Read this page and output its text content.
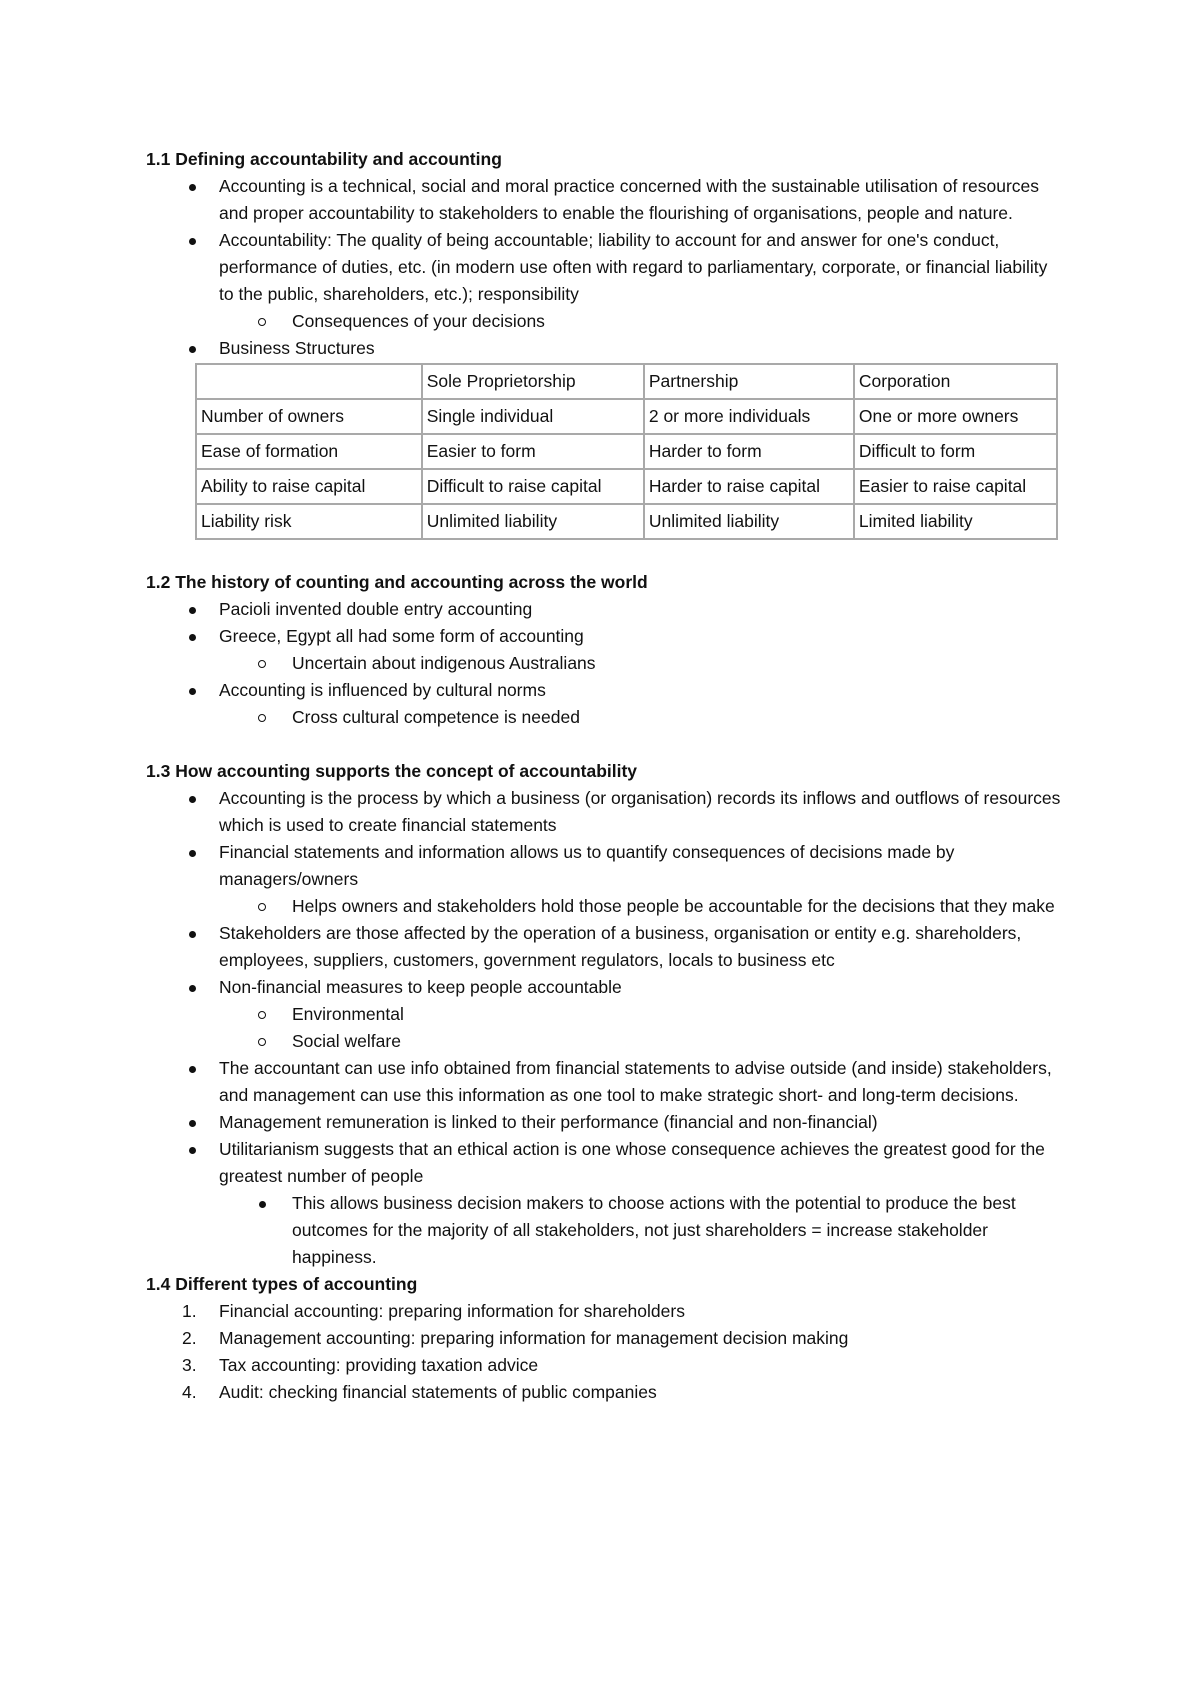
1.1 Defining accountability and accounting
Accounting is a technical, social and moral practice concerned with the sustainable utilisation of resources and proper accountability to stakeholders to enable the flourishing of organisations, people and nature.
Accountability: The quality of being accountable; liability to account for and answer for one's conduct, performance of duties, etc. (in modern use often with regard to parliamentary, corporate, or financial liability to the public, shareholders, etc.); responsibility
Consequences of your decisions
Business Structures
	Sole Proprietorship	Partnership	Corporation
Number of owners	Single individual	2 or more individuals	One or more owners
Ease of formation	Easier to form	Harder to form	Difficult to form
Ability to raise capital	Difficult to raise capital	Harder to raise capital	Easier to raise capital
Liability risk	Unlimited liability	Unlimited liability	Limited liability
1.2 The history of counting and accounting across the world
Pacioli invented double entry accounting
Greece, Egypt all had some form of accounting
Uncertain about indigenous Australians
Accounting is influenced by cultural norms
Cross cultural competence is needed
1.3 How accounting supports the concept of accountability
Accounting is the process by which a business (or organisation) records its inflows and outflows of resources which is used to create financial statements
Financial statements and information allows us to quantify consequences of decisions made by managers/owners
Helps owners and stakeholders hold those people be accountable for the decisions that they make
Stakeholders are those affected by the operation of a business, organisation or entity e.g. shareholders, employees, suppliers, customers, government regulators, locals to business etc
Non-financial measures to keep people accountable
Environmental
Social welfare
The accountant can use info obtained from financial statements to advise outside (and inside) stakeholders, and management can use this information as one tool to make strategic short- and long-term decisions.
Management remuneration is linked to their performance (financial and non-financial)
Utilitarianism suggests that an ethical action is one whose consequence achieves the greatest good for the greatest number of people
This allows business decision makers to choose actions with the potential to produce the best outcomes for the majority of all stakeholders, not just shareholders = increase stakeholder happiness.
1.4 Different types of accounting
1. Financial accounting: preparing information for shareholders
2. Management accounting: preparing information for management decision making
3. Tax accounting: providing taxation advice
4. Audit: checking financial statements of public companies
